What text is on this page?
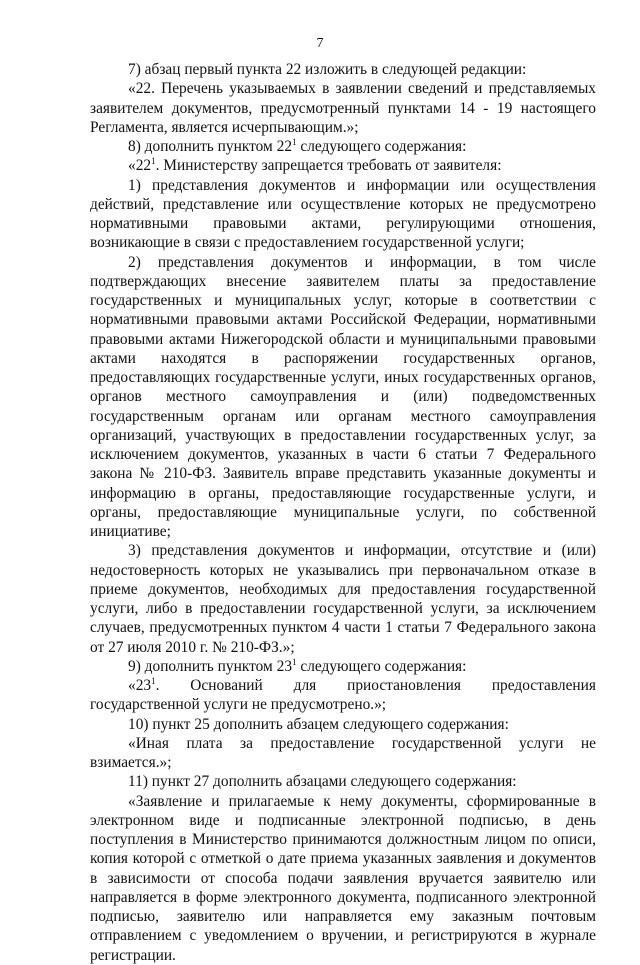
7

7) абзац первый пункта 22 изложить в следующей редакции:

«22. Перечень указываемых в заявлении сведений и представляемых заявителем документов, предусмотренный пунктами 14 - 19 настоящего Регламента, является исчерпывающим.»;

8) дополнить пунктом $22^1$ следующего содержания:

«$22^1$. Министерству запрещается требовать от заявителя:

1) представления документов и информации или осуществления действий, представление или осуществление которых не предусмотрено нормативными правовыми актами, регулирующими отношения, возникающие в связи с предоставлением государственной услуги;

2) представления документов и информации, в том числе подтверждающих внесение заявителем платы за предоставление государственных и муниципальных услуг, которые в соответствии с нормативными правовыми актами Российской Федерации, нормативными правовыми актами Нижегородской области и муниципальными правовыми актами находятся в распоряжении государственных органов, предоставляющих государственные услуги, иных государственных органов, органов местного самоуправления и (или) подведомственных государственным органам или органам местного самоуправления организаций, участвующих в предоставлении государственных услуг, за исключением документов, указанных в части 6 статьи 7 Федерального закона № 210-ФЗ. Заявитель вправе представить указанные документы и информацию в органы, предоставляющие государственные услуги, и органы, предоставляющие муниципальные услуги, по собственной инициативе;

3) представления документов и информации, отсутствие и (или) недостоверность которых не указывались при первоначальном отказе в приеме документов, необходимых для предоставления государственной услуги, либо в предоставлении государственной услуги, за исключением случаев, предусмотренных пунктом 4 части 1 статьи 7 Федерального закона от 27 июля 2010 г. № 210-ФЗ.»;

9) дополнить пунктом $23^1$ следующего содержания:

«$23^1$. Оснований для приостановления предоставления государственной услуги не предусмотрено.»;

10) пункт 25 дополнить абзацем следующего содержания:

«Иная плата за предоставление государственной услуги не взимается.»;

11) пункт 27 дополнить абзацами следующего содержания:

«Заявление и прилагаемые к нему документы, сформированные в электронном виде и подписанные электронной подписью, в день поступления в Министерство принимаются должностным лицом по описи, копия которой с отметкой о дате приема указанных заявления и документов в зависимости от способа подачи заявления вручается заявителю или направляется в форме электронного документа, подписанного электронной подписью, заявителю или направляется ему заказным почтовым отправлением с уведомлением о вручении, и регистрируются в журнале регистрации.
